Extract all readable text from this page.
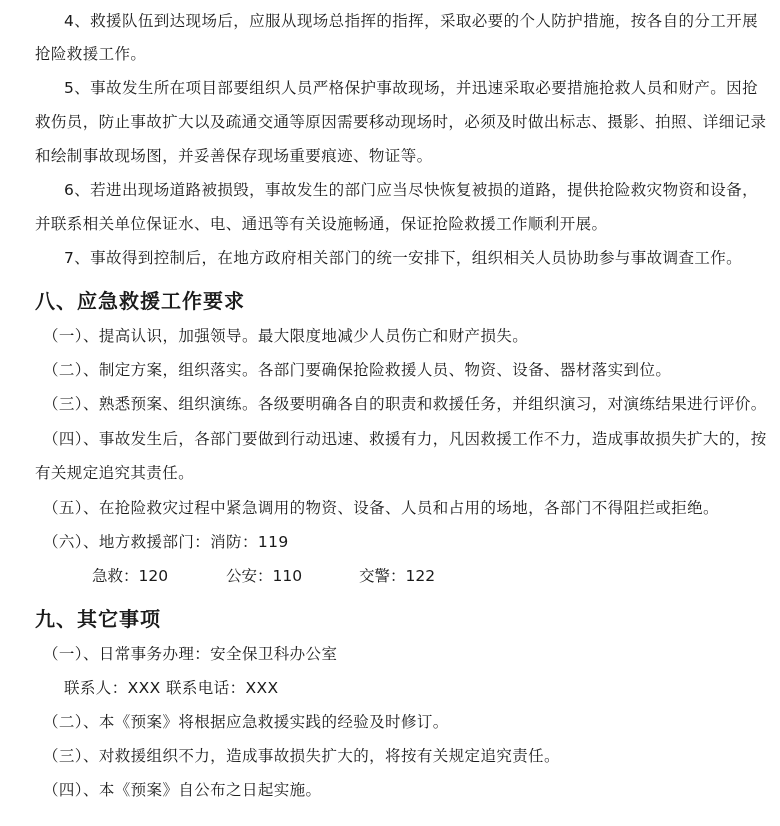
4、救援队伍到达现场后，应服从现场总指挥的指挥，采取必要的个人防护措施，按各自的分工开展
抢险救援工作。
5、事故发生所在项目部要组织人员严格保护事故现场，并迅速采取必要措施抢救人员和财产。因抢
救伤员，防止事故扩大以及疏通交通等原因需要移动现场时，必须及时做出标志、摄影、拍照、详细记录
和绘制事故现场图，并妥善保存现场重要痕迹、物证等。
6、若进出现场道路被损毁，事故发生的部门应当尽快恢复被损的道路，提供抢险救灾物资和设备，
并联系相关单位保证水、电、通迅等有关设施畅通，保证抢险救援工作顺利开展。
7、事故得到控制后，在地方政府相关部门的统一安排下，组织相关人员协助参与事故调查工作。
八、应急救援工作要求
（一）、提高认识，加强领导。最大限度地减少人员伤亡和财产损失。
（二）、制定方案，组织落实。各部门要确保抢险救援人员、物资、设备、器材落实到位。
（三）、熟悉预案、组织演练。各级要明确各自的职责和救援任务，并组织演习，对演练结果进行评价。
（四）、事故发生后，各部门要做到行动迅速、救援有力，凡因救援工作不力，造成事故损失扩大的，按
有关规定追究其责任。
（五）、在抢险救灾过程中紧急调用的物资、设备、人员和占用的场地，各部门不得阻拦或拒绝。
（六）、地方救援部门：消防：119
急救：120	公安：110	交警：122
九、其它事项
（一）、日常事务办理：安全保卫科办公室
联系人：XXX 联系电话：XXX
（二）、本《预案》将根据应急救援实践的经验及时修订。
（三）、对救援组织不力，造成事故损失扩大的，将按有关规定追究责任。
（四）、本《预案》自公布之日起实施。
